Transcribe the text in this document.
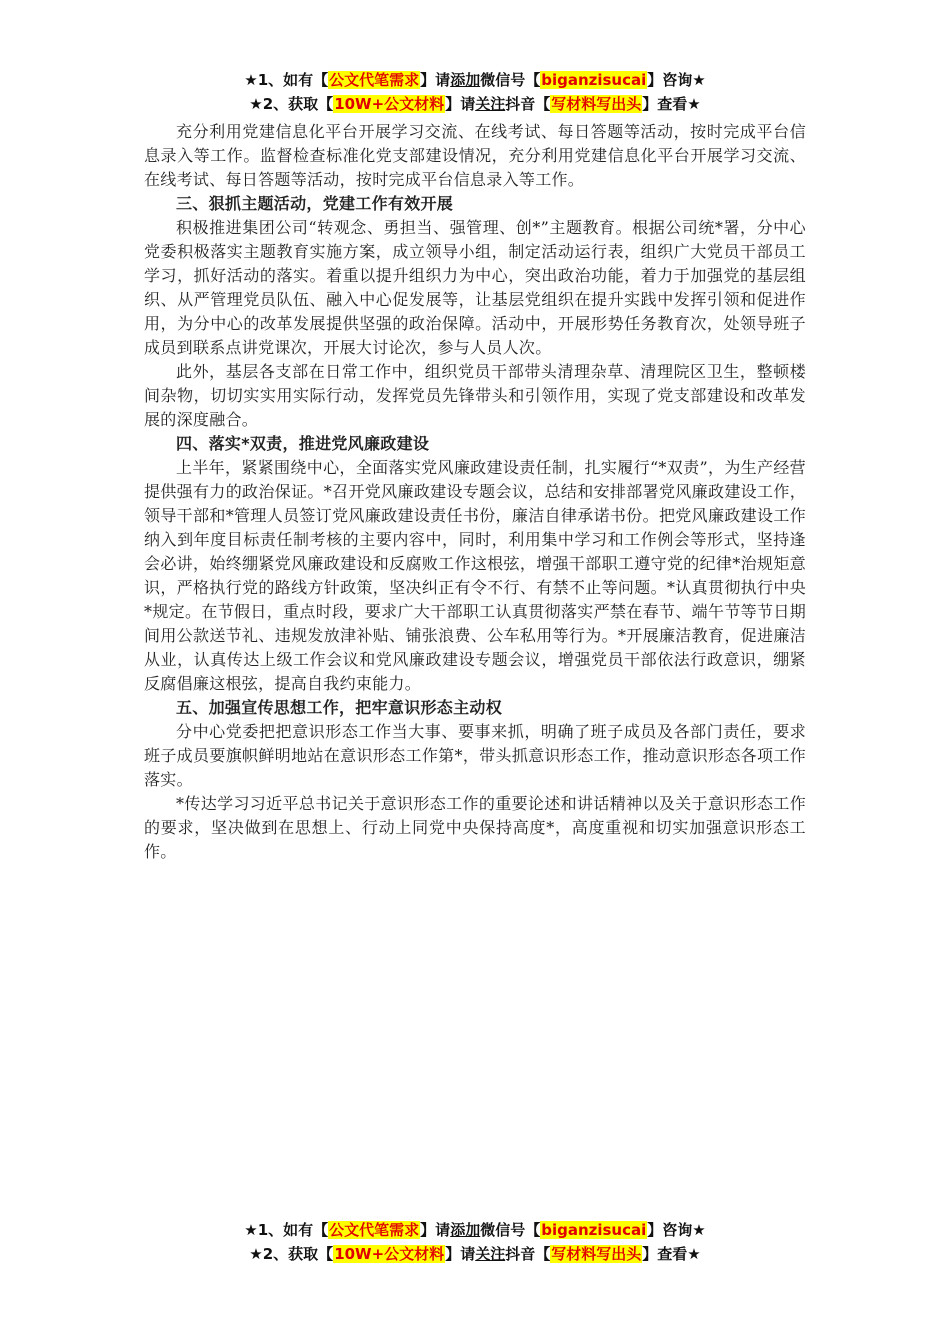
★1、如有【公文代笔需求】请添加微信号【biganzisucai】咨询★
★2、获取【10W+公文材料】请关注抖音【写材料写出头】查看★

充分利用党建信息化平台开展学习交流、在线考试、每日答题等活动，按时完成平台信息录入等工作。监督检查标准化党支部建设情况，充分利用党建信息化平台开展学习交流、在线考试、每日答题等活动，按时完成平台信息录入等工作。

三、狠抓主题活动，党建工作有效开展

积极推进集团公司“转观念、勇担当、强管理、创*”主题教育。根据公司统*署，分中心党委积极落实主题教育实施方案，成立领导小组，制定活动运行表，组织广大党员干部员工学习，抓好活动的落实。着重以提升组织力为中心，突出政治功能，着力于加强党的基层组织、从严管理党员队伍、融入中心促发展等，让基层党组织在提升实践中发挥引领和促进作用，为分中心的改革发展提供坚强的政治保障。活动中，开展形势任务教育次，处领导班子成员到联系点讲党课次，开展大讨论次，参与人员人次。

此外，基层各支部在日常工作中，组织党员干部带头清理杂草、清理院区卫生，整顿楼间杂物，切切实实用实际行动，发挥党员先锋带头和引领作用，实现了党支部建设和改革发展的深度融合。

四、落实*双责，推进党风廉政建设

上半年，紧紧围绕中心，全面落实党风廉政建设责任制，扎实履行“*双责”，为生产经营提供强有力的政治保证。*召开党风廉政建设专题会议，总结和安排部署党风廉政建设工作，领导干部和*管理人员签订党风廉政建设责任书份，廉洁自律承诺书份。把党风廉政建设工作纳入到年度目标责任制考核的主要内容中，同时，利用集中学习和工作例会等形式，坚持逢会必讲，始终绷紧党风廉政建设和反腐败工作这根弦，增强干部职工遵守党的纪律*治规矩意识，严格执行党的路线方针政策，坚决纠正有令不行、有禁不止等问题。*认真贯彻执行中央*规定。在节假日，重点时段，要求广大干部职工认真贯彻落实严禁在春节、端午节等节日期间用公款送节礼、违规发放津补贴、铺张浪费、公车私用等行为。*开展廉洁教育，促进廉洁从业，认真传达上级工作会议和党风廉政建设专题会议，增强党员干部依法行政意识，绷紧反腐倡廉这根弦，提高自我约束能力。

五、加强宣传思想工作，把牢意识形态主动权

分中心党委把把意识形态工作当大事、要事来抓，明确了班子成员及各部门责任，要求班子成员要旗帜鲜明地站在意识形态工作第*，带头抓意识形态工作，推动意识形态各项工作落实。

*传达学习习近平总书记关于意识形态工作的重要论述和讲话精神以及关于意识形态工作的要求，坚决做到在思想上、行动上同党中央保持高度*，高度重视和切实加强意识形态工作。

★1、如有【公文代笔需求】请添加微信号【biganzisucai】咨询★
★2、获取【10W+公文材料】请关注抖音【写材料写出头】查看★
